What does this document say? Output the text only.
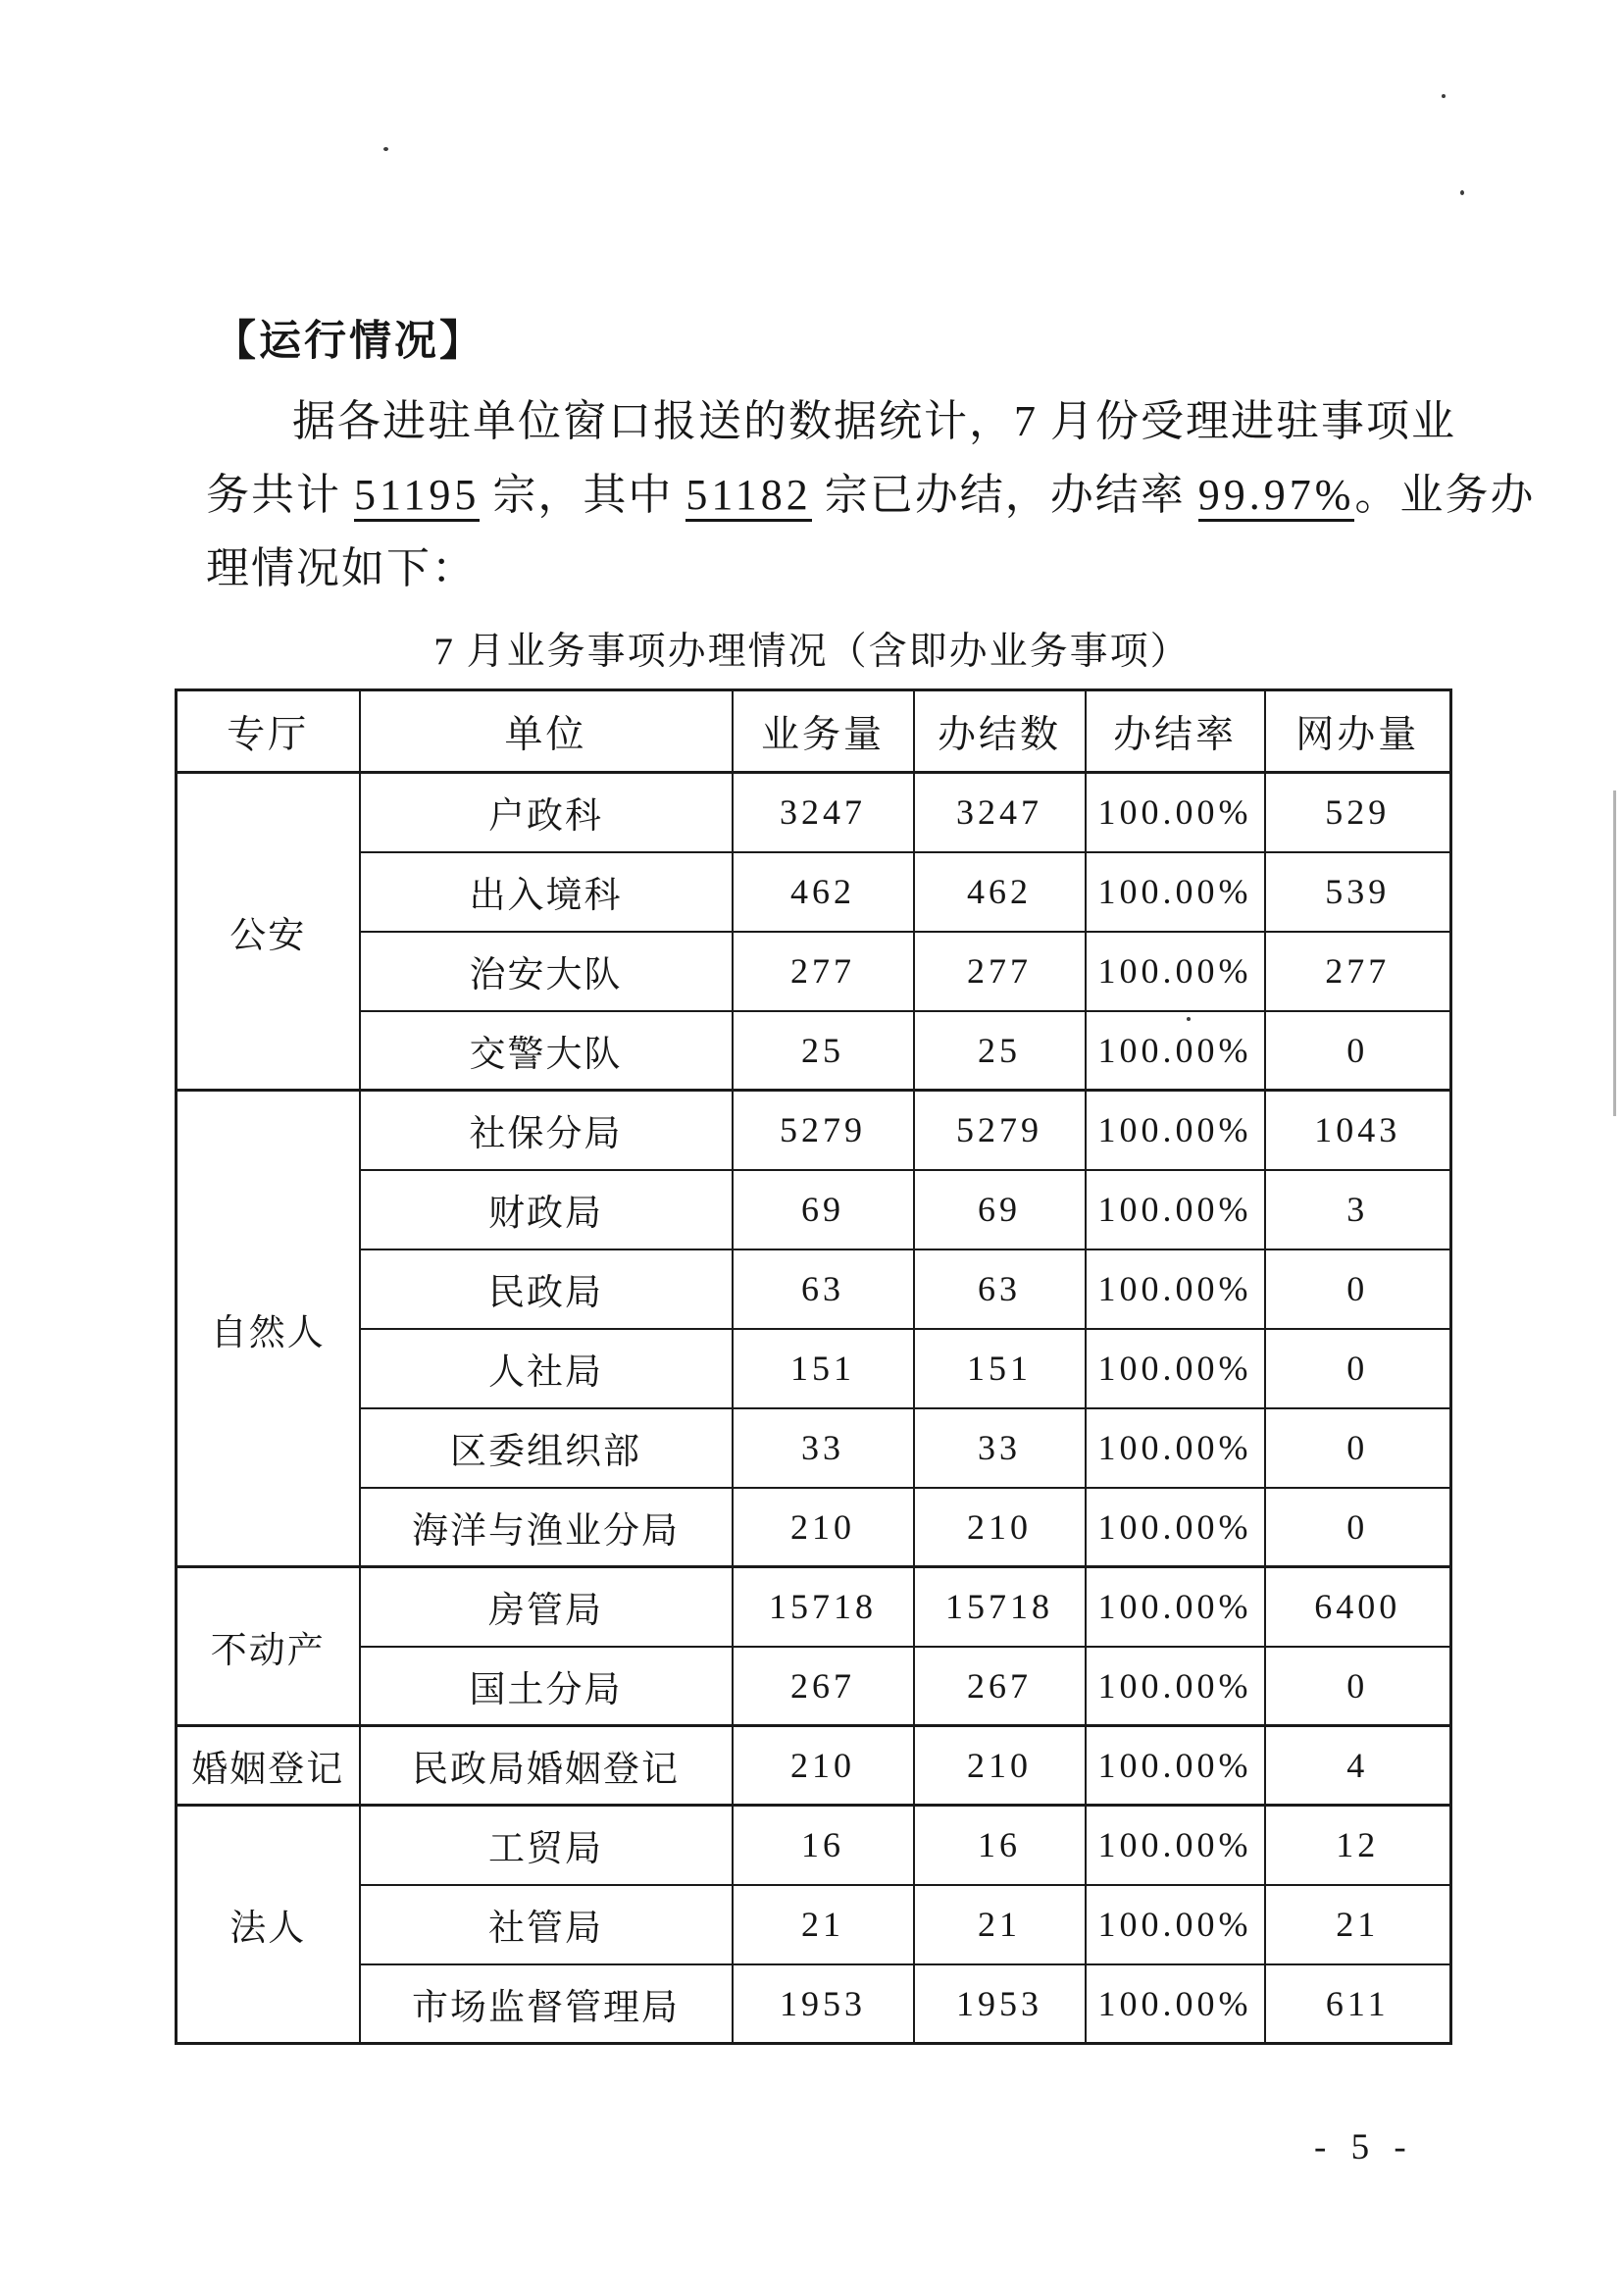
【运行情况】
据各进驻单位窗口报送的数据统计，7 月份受理进驻事项业
务共计 51195 宗，其中 51182 宗已办结，办结率 99.97%。业务办
理情况如下：
7 月业务事项办理情况（含即办业务事项）
专厅	单位	业务量	办结数	办结率	网办量
公安	户政科	3247	3247	100.00%	529
	出入境科	462	462	100.00%	539
	治安大队	277	277	100.00%	277
	交警大队	25	25	100.00%	0
自然人	社保分局	5279	5279	100.00%	1043
	财政局	69	69	100.00%	3
	民政局	63	63	100.00%	0
	人社局	151	151	100.00%	0
	区委组织部	33	33	100.00%	0
	海洋与渔业分局	210	210	100.00%	0
不动产	房管局	15718	15718	100.00%	6400
	国土分局	267	267	100.00%	0
婚姻登记	民政局婚姻登记	210	210	100.00%	4
法人	工贸局	16	16	100.00%	12
	社管局	21	21	100.00%	21
	市场监督管理局	1953	1953	100.00%	611
- 5 -
